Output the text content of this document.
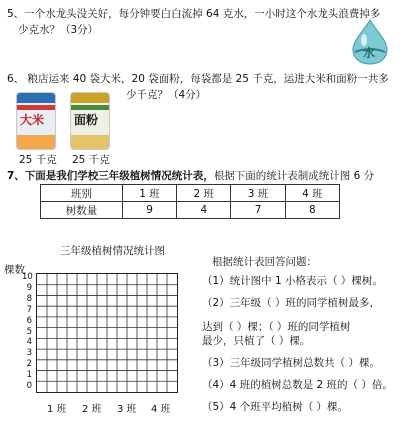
5、一个水龙头没关好，每分钟要白白流掉 64 克水，一小时这个水龙头浪费掉多
少克水？（3分）
水
6、 粮店运来 40 袋大米，20 袋面粉，每袋都是 25 千克，运进大米和面粉一共多
少千克？（4分）
大米 面粉
25 千克 25 千克
7、下面是我们学校三年级植树情况统计表，根据下面的统计表制成统计图 6 分
班别	1 班	2 班	3 班	4 班
树数量	9	4	7	8
三年级植树情况统计图
棵数
10
9
8
7
6
5
4
3
2
1
0
1 班 2 班 3 班 4 班
根据统计表回答问题：
（1）统计图中 1 小格表示（ ）棵树。
（2）三年级（ ）班的同学植树最多，
达到（ ）棵；（ ）班的同学植树
最少，只植了（ ）棵。
（3）三年级同学植树总数共（ ）棵。
（4）4 班的植树总数是 2 班的（ ）倍。
（5）4 个班平均植树（ ）棵。
